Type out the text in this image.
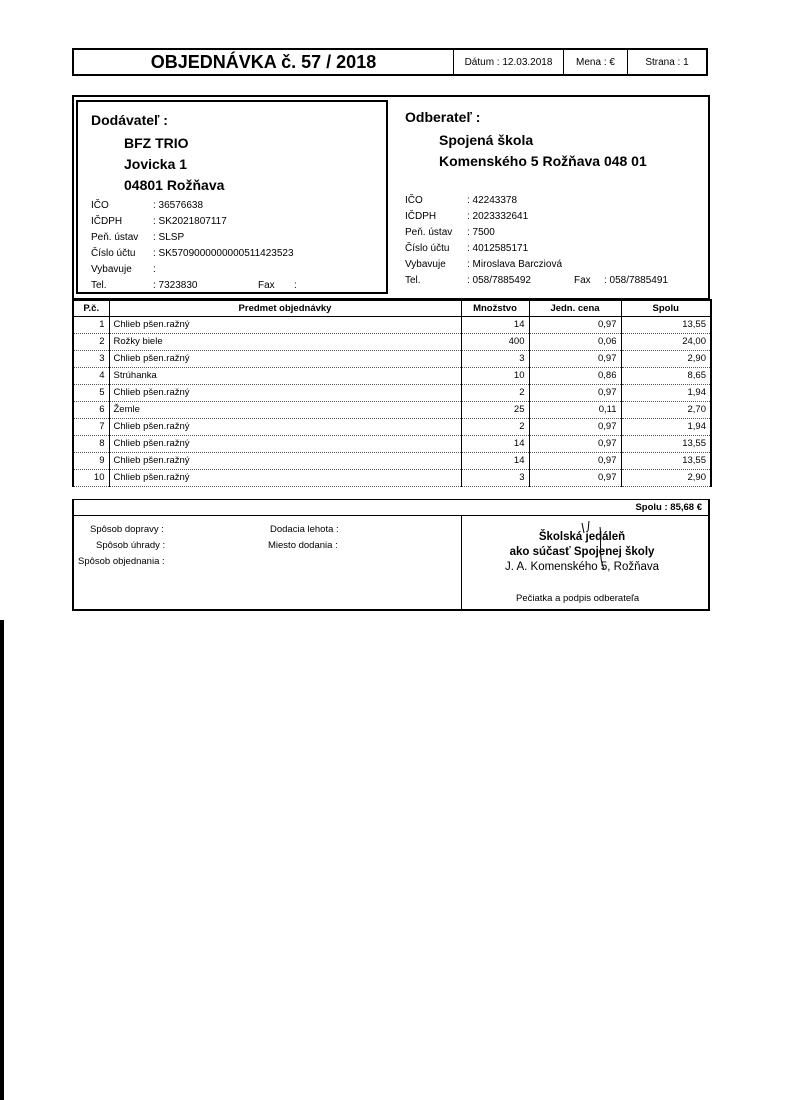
OBJEDNÁVKA č. 57 / 2018	Dátum : 12.03.2018	Mena : €	Strana : 1
Dodávateľ :
BFZ TRIO
Jovicka 1
04801 Rožňava
IČO	: 36576638
IČDPH	: SK2021807117
Peň. ústav	: SLSP
Číslo účtu	: SK5709000000000511423523
Vybavuje	:
Tel.	: 7323830	Fax	:
Odberateľ :
Spojená škola
Komenského 5 Rožňava 048 01
IČO	: 42243378
IČDPH	: 2023332641
Peň. ústav	: 7500
Číslo účtu	: 4012585171
Vybavuje	: Miroslava Barcziová
Tel.	: 058/7885492	Fax	: 058/7885491
P.č.	Predmet objednávky	Množstvo	Jedn. cena	Spolu
1	Chlieb pšen.ražný	14	0,97	13,55
2	Rožky biele	400	0,06	24,00
3	Chlieb pšen.ražný	3	0,97	2,90
4	Strúhanka	10	0,86	8,65
5	Chlieb pšen.ražný	2	0,97	1,94
6	Žemle	25	0,11	2,70
7	Chlieb pšen.ražný	2	0,97	1,94
8	Chlieb pšen.ražný	14	0,97	13,55
9	Chlieb pšen.ražný	14	0,97	13,55
10	Chlieb pšen.ražný	3	0,97	2,90
Spolu : 85,68 €
Spôsob dopravy :
Spôsob úhrady :
Spôsob objednania :
Dodacia lehota :
Miesto dodania :
Školská jedáleň
ako súčasť Spojenej školy
J. A. Komenského 5, Rožňava
Pečiatka a podpis odberateľa
